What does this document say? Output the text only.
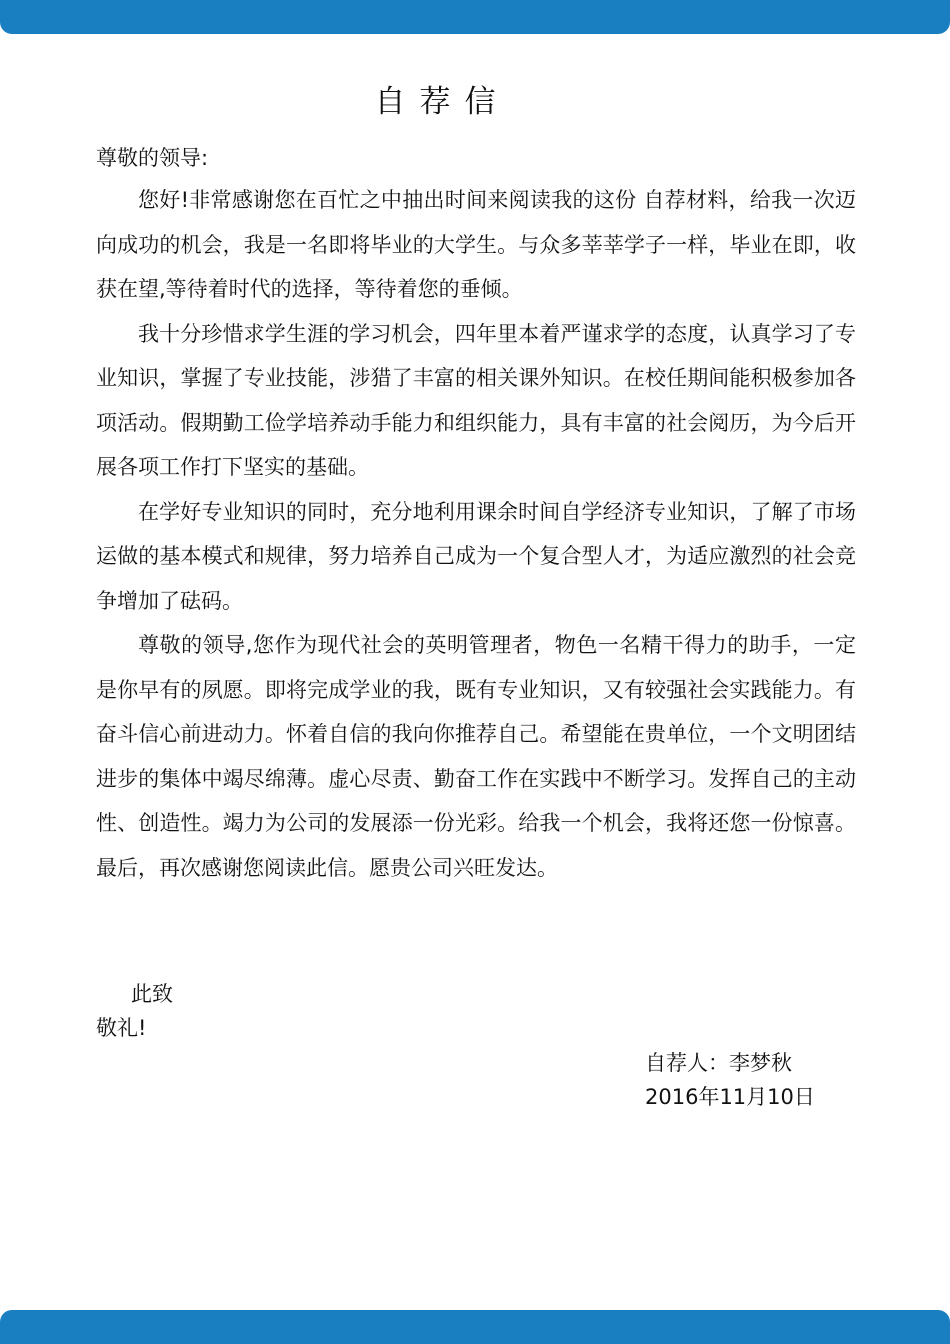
自荐信
尊敬的领导:

您好!非常感谢您在百忙之中抽出时间来阅读我的这份 自荐材料，给我一次迈向成功的机会，我是一名即将毕业的大学生。与众多莘莘学子一样，毕业在即，收获在望,等待着时代的选择，等待着您的垂倾。

我十分珍惜求学生涯的学习机会，四年里本着严谨求学的态度，认真学习了专业知识，掌握了专业技能，涉猎了丰富的相关课外知识。在校任期间能积极参加各项活动。假期勤工俭学培养动手能力和组织能力，具有丰富的社会阅历，为今后开展各项工作打下坚实的基础。

在学好专业知识的同时，充分地利用课余时间自学经济专业知识，了解了市场运做的基本模式和规律，努力培养自己成为一个复合型人才，为适应激烈的社会竞争增加了砝码。

尊敬的领导,您作为现代社会的英明管理者，物色一名精干得力的助手，一定是你早有的夙愿。即将完成学业的我，既有专业知识，又有较强社会实践能力。有奋斗信心前进动力。怀着自信的我向你推荐自己。希望能在贵单位，一个文明团结进步的集体中竭尽绵薄。虚心尽责、勤奋工作在实践中不断学习。发挥自己的主动性、创造性。竭力为公司的发展添一份光彩。给我一个机会，我将还您一份惊喜。最后，再次感谢您阅读此信。愿贵公司兴旺发达。

此致
敬礼!
自荐人：李梦秋
2016年11月10日
